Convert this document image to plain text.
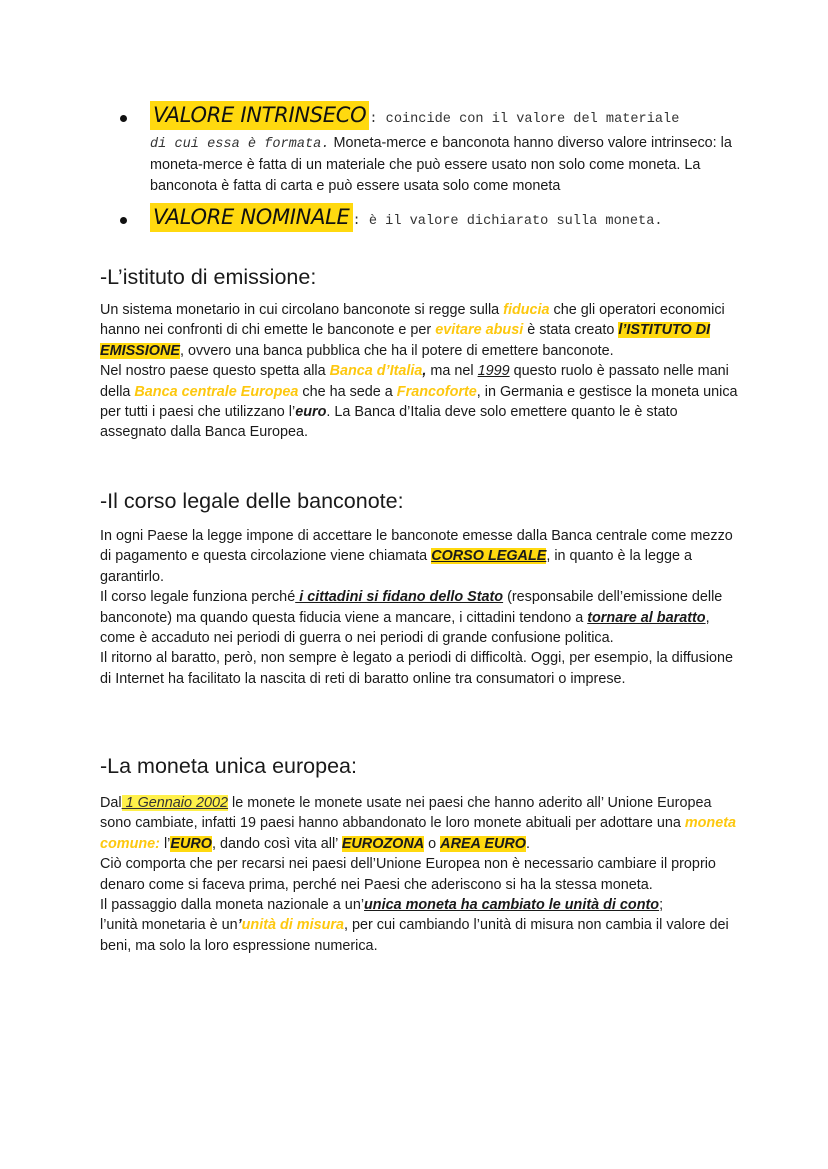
VALORE INTRINSECO : coincide con il valore del materiale
di cui essa è formata. Moneta-merce e banconota hanno diverso valore intrinseco: la moneta-merce è fatta di un materiale che può essere usato non solo come moneta. La banconota è fatta di carta e può essere usata solo come moneta
VALORE NOMINALE : è il valore dichiarato sulla moneta.
-L’istituto di emissione:

Un sistema monetario in cui circolano banconote si regge sulla fiducia che gli operatori economici hanno nei confronti di chi emette le banconote e per evitare abusi è stata creato l’ISTITUTO DI EMISSIONE, ovvero una banca pubblica che ha il potere di emettere banconote.

Nel nostro paese questo spetta alla Banca d’Italia, ma nel 1999 questo ruolo è passato nelle mani della Banca centrale Europea che ha sede a Francoforte, in Germania e gestisce la moneta unica per tutti i paesi che utilizzano l’euro. La Banca d’Italia deve solo emettere quanto le è stato assegnato dalla Banca Europea.

-Il corso legale delle banconote:

In ogni Paese la legge impone di accettare le banconote emesse dalla Banca centrale come mezzo di pagamento e questa circolazione viene chiamata CORSO LEGALE, in quanto è la legge a garantirlo.

Il corso legale funziona perché i cittadini si fidano dello Stato (responsabile dell’emissione delle banconote) ma quando questa fiducia viene a mancare, i cittadini tendono a tornare al baratto, come è accaduto nei periodi di guerra o nei periodi di grande confusione politica.

Il ritorno al baratto, però, non sempre è legato a periodi di difficoltà. Oggi, per esempio, la diffusione di Internet ha facilitato la nascita di reti di baratto online tra consumatori o imprese.

-La moneta unica europea:

Dal 1 Gennaio 2002 le monete le monete usate nei paesi che hanno aderito all’ Unione Europea sono cambiate, infatti 19 paesi hanno abbandonato le loro monete abituali per adottare una moneta comune: l’EURO, dando così vita all’ EUROZONA o AREA EURO.

Ciò comporta che per recarsi nei paesi dell’Unione Europea non è necessario cambiare il proprio denaro come si faceva prima, perché nei Paesi che aderiscono si ha la stessa moneta.

Il passaggio dalla moneta nazionale a un’unica moneta ha cambiato le unità di conto;

l’unità monetaria è un’unità di misura, per cui cambiando l’unità di misura non cambia il valore dei beni, ma solo la loro espressione numerica.
